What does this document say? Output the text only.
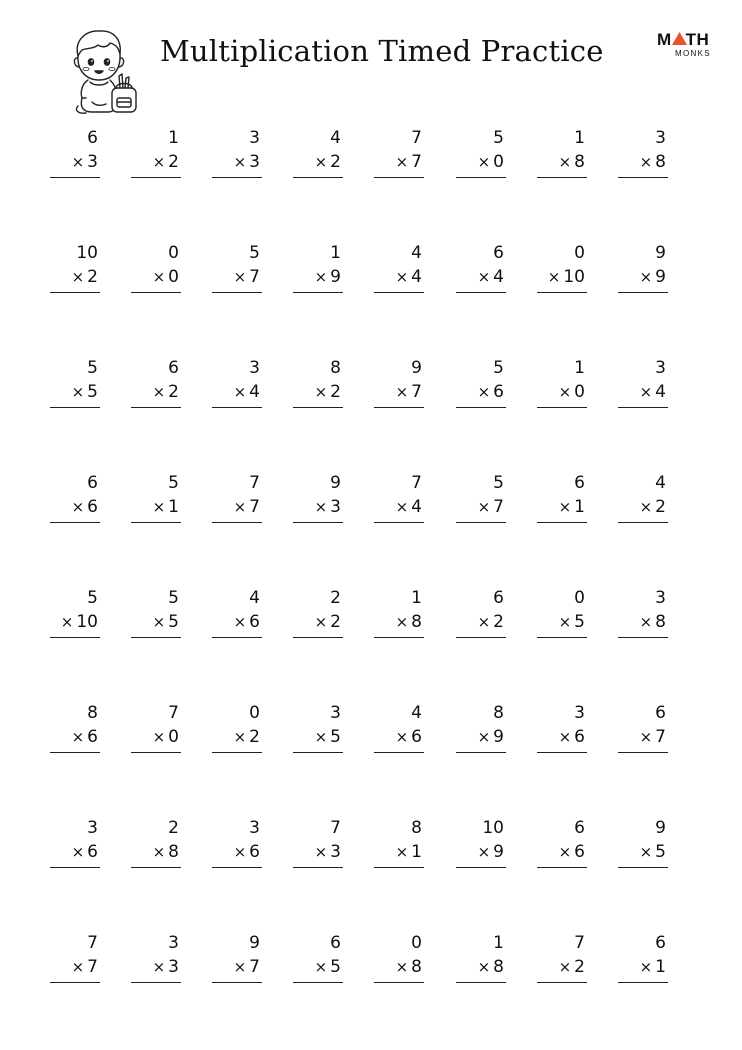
Multiplication Timed Practice	M TH
MONKS
6
× 3
1
× 2
3
× 3
4
× 2
7
× 7
5
× 0
1
× 8
3
× 8
10
× 2
0
× 0
5
× 7
1
× 9
4
× 4
6
× 4
0
× 10
9
× 9
5
× 5
6
× 2
3
× 4
8
× 2
9
× 7
5
× 6
1
× 0
3
× 4
6
× 6
5
× 1
7
× 7
9
× 3
7
× 4
5
× 7
6
× 1
4
× 2
5
× 10
5
× 5
4
× 6
2
× 2
1
× 8
6
× 2
0
× 5
3
× 8
8
× 6
7
× 0
0
× 2
3
× 5
4
× 6
8
× 9
3
× 6
6
× 7
3
× 6
2
× 8
3
× 6
7
× 3
8
× 1
10
× 9
6
× 6
9
× 5
7
× 7
3
× 3
9
× 7
6
× 5
0
× 8
1
× 8
7
× 2
6
× 1
